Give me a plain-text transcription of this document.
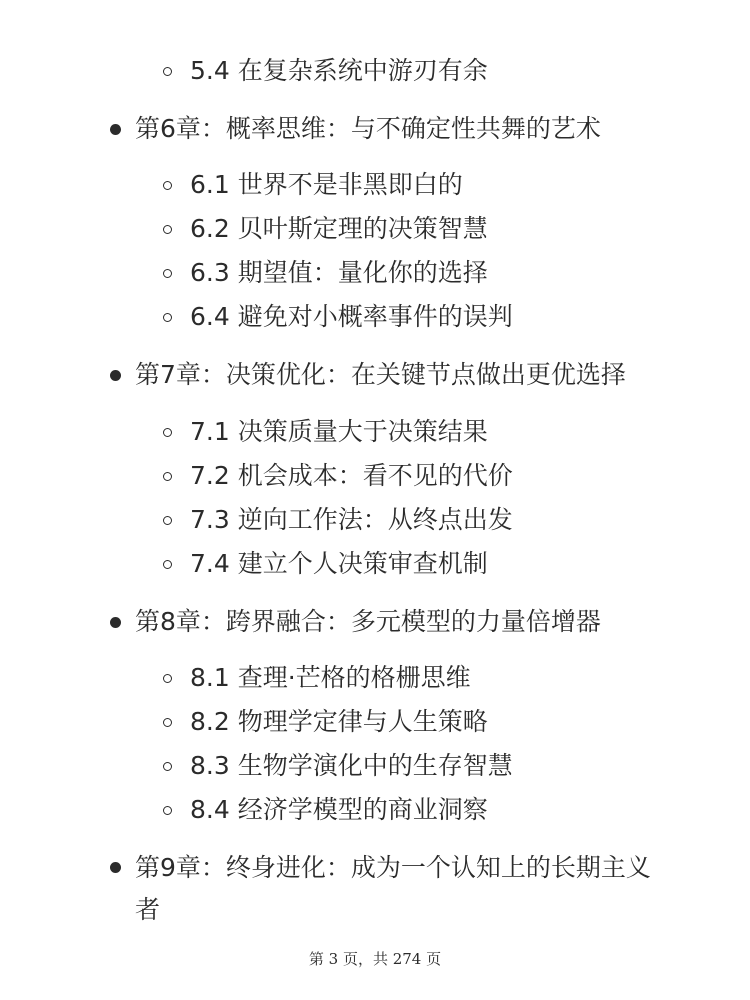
5.4 在复杂系统中游刃有余
第6章：概率思维：与不确定性共舞的艺术
6.1 世界不是非黑即白的
6.2 贝叶斯定理的决策智慧
6.3 期望值：量化你的选择
6.4 避免对小概率事件的误判
第7章：决策优化：在关键节点做出更优选择
7.1 决策质量大于决策结果
7.2 机会成本：看不见的代价
7.3 逆向工作法：从终点出发
7.4 建立个人决策审查机制
第8章：跨界融合：多元模型的力量倍增器
8.1 查理·芒格的格栅思维
8.2 物理学定律与人生策略
8.3 生物学演化中的生存智慧
8.4 经济学模型的商业洞察
第9章：终身进化：成为一个认知上的长期主义者
第 3 页，共 274 页
